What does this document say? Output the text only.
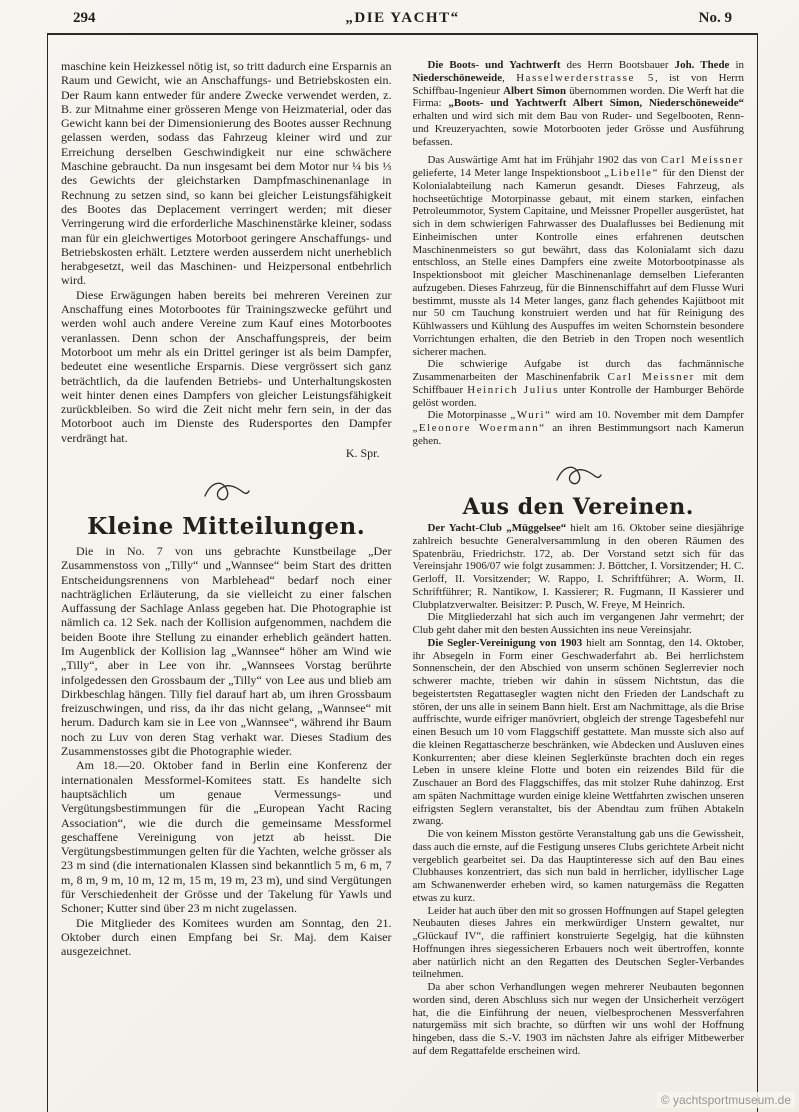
294	„DIE YACHT“	No. 9

maschine kein Heizkessel nötig ist, so tritt dadurch eine Ersparnis an Raum und Gewicht, wie an Anschaffungs- und Betriebskosten ein. Der Raum kann entweder für andere Zwecke verwendet werden, z. B. zur Mitnahme einer grösseren Menge von Heizmaterial, oder das Gewicht kann bei der Dimensionierung des Bootes ausser Rechnung gelassen werden, sodass das Fahrzeug kleiner wird und zur Erreichung derselben Geschwindigkeit nur eine schwächere Maschine gebraucht. Da nun insgesamt bei dem Motor nur ¼ bis ⅓ des Gewichts der gleichstarken Dampfmaschinenanlage in Rechnung zu setzen sind, so kann bei gleicher Leistungsfähigkeit des Bootes das Deplacement verringert werden; mit dieser Verringerung wird die erforderliche Maschinenstärke kleiner, sodass man für ein gleichwertiges Motorboot geringere Anschaffungs- und Betriebskosten erhält. Letztere werden ausserdem nicht unerheblich herabgesetzt, weil das Maschinen- und Heizpersonal entbehrlich wird.

Diese Erwägungen haben bereits bei mehreren Vereinen zur Anschaffung eines Motorbootes für Trainingszwecke geführt und werden wohl auch andere Vereine zum Kauf eines Motorbootes veranlassen. Denn schon der Anschaffungspreis, der beim Motorboot um mehr als ein Drittel geringer ist als beim Dampfer, bedeutet eine wesentliche Ersparnis. Diese vergrössert sich ganz beträchtlich, da die laufenden Betriebs- und Unterhaltungskosten weit hinter denen eines Dampfers von gleicher Leistungsfähigkeit zurückbleiben. So wird die Zeit nicht mehr fern sein, in der das Motorboot auch im Dienste des Rudersportes den Dampfer verdrängt hat.

K. Spr.
Kleine Mitteilungen.

Die in No. 7 von uns gebrachte Kunstbeilage „Der Zusammenstoss von „Tilly“ und „Wannsee“ beim Start des dritten Entscheidungsrennens von Marblehead“ bedarf noch einer nachträglichen Erläuterung, da sie vielleicht zu einer falschen Auffassung der Sachlage Anlass gegeben hat. Die Photographie ist nämlich ca. 12 Sek. nach der Kollision aufgenommen, nachdem die beiden Boote ihre Stellung zu einander erheblich geändert hatten. Im Augenblick der Kollision lag „Wannsee“ höher am Wind wie „Tilly“, aber in Lee von ihr. „Wannsees Vorstag berührte infolgedessen den Grossbaum der „Tilly“ von Lee aus und blieb am Dirkbeschlag hängen. Tilly fiel darauf hart ab, um ihren Grossbaum freizuschwingen, und riss, da ihr das nicht gelang, „Wannsee“ mit herum. Dadurch kam sie in Lee von „Wannsee“, während ihr Baum noch zu Luv von deren Stag verhakt war. Dieses Stadium des Zusammenstosses gibt die Photographie wieder.

Am 18.—20. Oktober fand in Berlin eine Konferenz der internationalen Messformel-Komitees statt. Es handelte sich hauptsächlich um genaue Vermessungs- und Vergütungsbestimmungen für die „European Yacht Racing Association“, wie die durch die gemeinsame Messformel geschaffene Vereinigung von jetzt ab heisst. Die Vergütungsbestimmungen gelten für die Yachten, welche grösser als 23 m sind (die internationalen Klassen sind bekanntlich 5 m, 6 m, 7 m, 8 m, 9 m, 10 m, 12 m, 15 m, 19 m, 23 m), und sind Vergütungen für Verschiedenheit der Grösse und der Takelung für Yawls und Schoner; Kutter sind über 23 m nicht zugelassen.

Die Mitglieder des Komitees wurden am Sonntag, den 21. Oktober durch einen Empfang bei Sr. Maj. dem Kaiser ausgezeichnet.

Die Boots- und Yachtwerft des Herrn Bootsbauer Joh. Thede in Niederschöneweide, Hasselwerderstrasse 5, ist von Herrn Schiffbau-Ingenieur Albert Simon übernommen worden. Die Werft hat die Firma: „Boots- und Yachtwerft Albert Simon, Niederschöneweide“ erhalten und wird sich mit dem Bau von Ruder- und Segelbooten, Renn- und Kreuzeryachten, sowie Motorbooten jeder Grösse und Ausführung befassen.

Das Auswärtige Amt hat im Frühjahr 1902 das von Carl Meissner gelieferte, 14 Meter lange Inspektionsboot „Libelle“ für den Dienst der Kolonialabteilung nach Kamerun gesandt. Dieses Fahrzeug, als hochseetüchtige Motorpinasse gebaut, mit einem starken, einfachen Petroleummotor, System Capitaine, und Meissner Propeller ausgerüstet, hat sich in dem schwierigen Fahrwasser des Dualaflusses bei Bedienung mit Einheimischen unter Kontrolle eines erfahrenen deutschen Maschinenmeisters so gut bewährt, dass das Kolonialamt sich dazu entschloss, an Stelle eines Dampfers eine zweite Motorbootpinasse als Inspektionsboot mit gleicher Maschinenanlage demselben Lieferanten aufzugeben. Dieses Fahrzeug, für die Binnenschiffahrt auf dem Flusse Wuri bestimmt, musste als 14 Meter langes, ganz flach gehendes Kajütboot mit nur 50 cm Tauchung konstruiert werden und hat für Reinigung des Kühlwassers und Kühlung des Auspuffes im weiten Schornstein besondere Vorrichtungen erhalten, die den Betrieb in den Tropen noch wesentlich sicherer machen.

Die schwierige Aufgabe ist durch das fachmännische Zusammenarbeiten der Maschinenfabrik Carl Meissner mit dem Schiffbauer Heinrich Julius unter Kontrolle der Hamburger Behörde gelöst worden.

Die Motorpinasse „Wuri“ wird am 10. November mit dem Dampfer „Eleonore Woermann“ an ihren Bestimmungsort nach Kamerun gehen.

Aus den Vereinen.

Der Yacht-Club „Müggelsee“ hielt am 16. Oktober seine diesjährige zahlreich besuchte Generalversammlung in den oberen Räumen des Spatenbräu, Friedrichstr. 172, ab. Der Vorstand setzt sich für das Vereinsjahr 1906/07 wie folgt zusammen: J. Böttcher, I. Vorsitzender; H. C. Gerloff, II. Vorsitzender; W. Rappo, I. Schriftführer; A. Worm, II. Schriftführer; R. Nantikow, I. Kassierer; R. Fugmann, II Kassierer und Clubplatzverwalter. Beisitzer: P. Pusch, W. Freye, M Heinrich.

Die Mitgliederzahl hat sich auch im vergangenen Jahr vermehrt; der Club geht daher mit den besten Aussichten ins neue Vereinsjahr.

Die Segler-Vereinigung von 1903 hielt am Sonntag, den 14. Oktober, ihr Absegeln in Form einer Geschwaderfahrt ab. Bei herrlichstem Sonnenschein, der den Abschied von unserm schönen Seglerrevier noch schwerer machte, trieben wir dahin in süssem Nichtstun, das die begeistertsten Regattasegler wagten nicht den Frieden der Landschaft zu stören, der uns alle in seinem Bann hielt. Erst am Nachmittage, als die Brise auffrischte, wurde eifriger manövriert, obgleich der strenge Tagesbefehl nur einen Besuch um 10 vom Flaggschiff gestattete. Man musste sich also auf die kleinen Regattascherze beschränken, wie Abdecken und Ausluven eines Konkurrenten; aber diese kleinen Seglerkünste brachten doch ein reges Leben in unsere kleine Flotte und boten ein reizendes Bild für die Zuschauer an Bord des Flaggschiffes, das mit stolzer Ruhe dahinzog. Erst am späten Nachmittage wurden einige kleine Wettfahrten zwischen unseren eifrigsten Seglern veranstaltet, bis der Abendtau zum frühen Abtakeln zwang.

Die von keinem Misston gestörte Veranstaltung gab uns die Gewissheit, dass auch die ernste, auf die Festigung unseres Clubs gerichtete Arbeit nicht vergeblich gearbeitet sei. Da das Hauptinteresse sich auf den Bau eines Clubhauses konzentriert, das sich nun bald in herrlicher, idyllischer Lage am Schwanenwerder erheben wird, so kamen naturgemäss die Regatten etwas zu kurz.

Leider hat auch über den mit so grossen Hoffnungen auf Stapel gelegten Neubauten dieses Jahres ein merkwürdiger Unstern gewaltet, nur „Glückauf IV“, die raffiniert konstruierte Segelgig, hat die kühnsten Hoffnungen ihres siegessicheren Erbauers noch weit übertroffen, konnte aber natürlich nicht an den Regatten des Deutschen Segler-Verbandes teilnehmen.

Da aber schon Verhandlungen wegen mehrerer Neubauten begonnen worden sind, deren Abschluss sich nur wegen der Unsicherheit verzögert hat, die die Einführung der neuen, vielbesprochenen Messverfahren naturgemäss mit sich brachte, so dürften wir uns wohl der Hoffnung hingeben, dass die S.-V. 1903 im nächsten Jahre als eifriger Mitbewerber auf dem Regattafelde erscheinen wird.

© yachtsportmuseum.de
